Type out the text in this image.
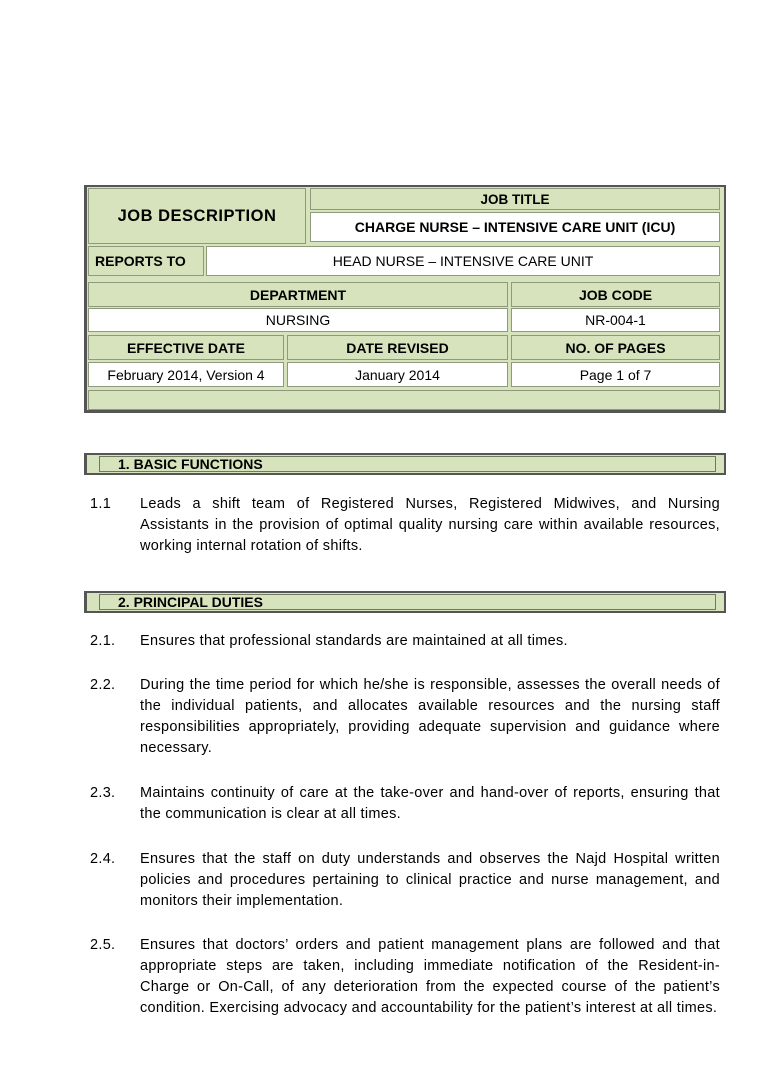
JOB DESCRIPTION
JOB TITLE
CHARGE NURSE – INTENSIVE CARE UNIT (ICU)
REPORTS TO	HEAD NURSE – INTENSIVE CARE UNIT
DEPARTMENT	JOB CODE
NURSING	NR-004-1
EFFECTIVE DATE	DATE REVISED	NO. OF PAGES
February 2014, Version 4	January 2014	Page 1 of 7
1. BASIC FUNCTIONS
1.1 Leads a shift team of Registered Nurses, Registered Midwives, and Nursing Assistants in the provision of optimal quality nursing care within available resources, working internal rotation of shifts.
2. PRINCIPAL DUTIES
2.1. Ensures that professional standards are maintained at all times.
2.2. During the time period for which he/she is responsible, assesses the overall needs of the individual patients, and allocates available resources and the nursing staff responsibilities appropriately, providing adequate supervision and guidance where necessary.
2.3. Maintains continuity of care at the take-over and hand-over of reports, ensuring that the communication is clear at all times.
2.4. Ensures that the staff on duty understands and observes the Najd Hospital written policies and procedures pertaining to clinical practice and nurse management, and monitors their implementation.
2.5. Ensures that doctors’ orders and patient management plans are followed and that appropriate steps are taken, including immediate notification of the Resident-in-Charge or On-Call, of any deterioration from the expected course of the patient’s condition. Exercising advocacy and accountability for the patient’s interest at all times.
